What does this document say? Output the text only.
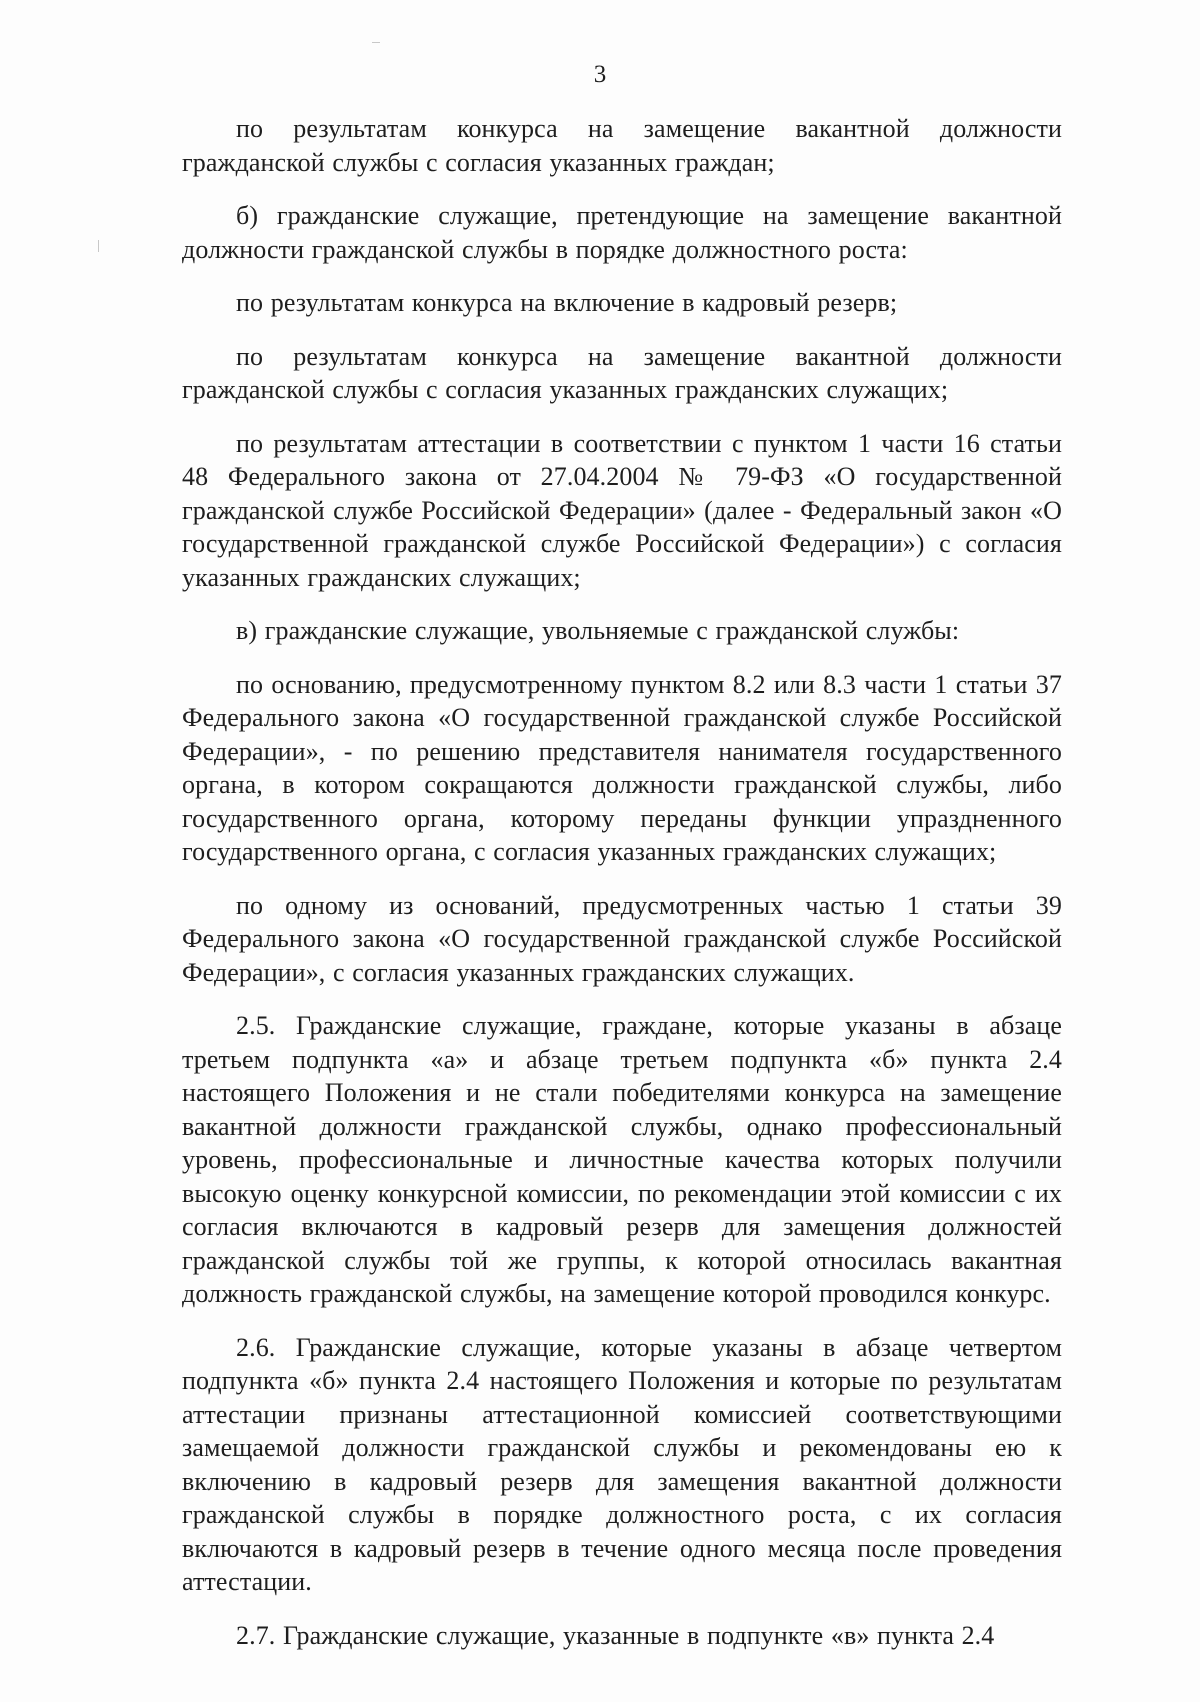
3

по результатам конкурса на замещение вакантной должности гражданской службы с согласия указанных граждан;

б) гражданские служащие, претендующие на замещение вакантной должности гражданской службы в порядке должностного роста:

по результатам конкурса на включение в кадровый резерв;

по результатам конкурса на замещение вакантной должности гражданской службы с согласия указанных гражданских служащих;

по результатам аттестации в соответствии с пунктом 1 части 16 статьи 48 Федерального закона от 27.04.2004 № 79-ФЗ «О государственной гражданской службе Российской Федерации» (далее - Федеральный закон «О государственной гражданской службе Российской Федерации») с согласия указанных гражданских служащих;

в) гражданские служащие, увольняемые с гражданской службы:

по основанию, предусмотренному пунктом 8.2 или 8.3 части 1 статьи 37 Федерального закона «О государственной гражданской службе Российской Федерации», - по решению представителя нанимателя государственного органа, в котором сокращаются должности гражданской службы, либо государственного органа, которому переданы функции упраздненного государственного органа, с согласия указанных гражданских служащих;

по одному из оснований, предусмотренных частью 1 статьи 39 Федерального закона «О государственной гражданской службе Российской Федерации», с согласия указанных гражданских служащих.

2.5. Гражданские служащие, граждане, которые указаны в абзаце третьем подпункта «а» и абзаце третьем подпункта «б» пункта 2.4 настоящего Положения и не стали победителями конкурса на замещение вакантной должности гражданской службы, однако профессиональный уровень, профессиональные и личностные качества которых получили высокую оценку конкурсной комиссии, по рекомендации этой комиссии с их согласия включаются в кадровый резерв для замещения должностей гражданской службы той же группы, к которой относилась вакантная должность гражданской службы, на замещение которой проводился конкурс.

2.6. Гражданские служащие, которые указаны в абзаце четвертом подпункта «б» пункта 2.4 настоящего Положения и которые по результатам аттестации признаны аттестационной комиссией соответствующими замещаемой должности гражданской службы и рекомендованы ею к включению в кадровый резерв для замещения вакантной должности гражданской службы в порядке должностного роста, с их согласия включаются в кадровый резерв в течение одного месяца после проведения аттестации.

2.7. Гражданские служащие, указанные в подпункте «в» пункта 2.4
